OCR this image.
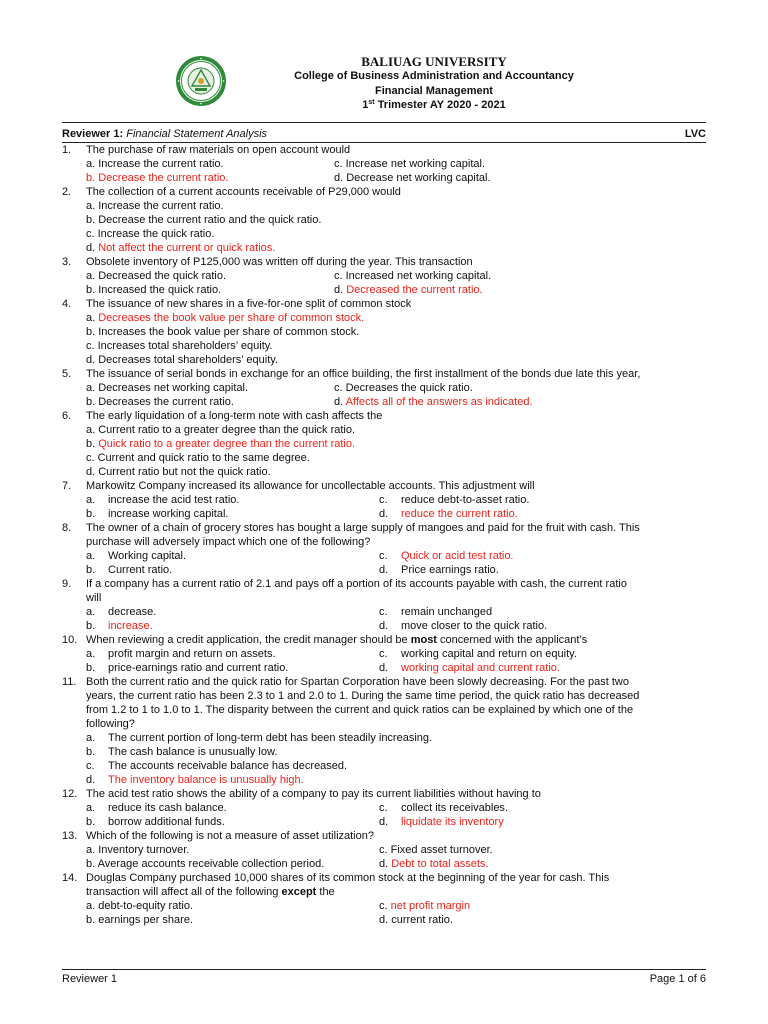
BALIUAG UNIVERSITY
College of Business Administration and Accountancy
Financial Management
1st Trimester AY 2020 - 2021
Reviewer 1: Financial Statement Analysis	LVC
1. The purchase of raw materials on open account would
a. Increase the current ratio.	c. Increase net working capital.
b. Decrease the current ratio.	d. Decrease net working capital.
2. The collection of a current accounts receivable of P29,000 would
a. Increase the current ratio.
b. Decrease the current ratio and the quick ratio.
c. Increase the quick ratio.
d. Not affect the current or quick ratios.
3. Obsolete inventory of P125,000 was written off during the year. This transaction
a. Decreased the quick ratio.	c. Increased net working capital.
b. Increased the quick ratio.	d. Decreased the current ratio.
4. The issuance of new shares in a five-for-one split of common stock
a. Decreases the book value per share of common stock.
b. Increases the book value per share of common stock.
c. Increases total shareholders’ equity.
d. Decreases total shareholders’ equity.
5. The issuance of serial bonds in exchange for an office building, the first installment of the bonds due late this year,
a. Decreases net working capital.	c. Decreases the quick ratio.
b. Decreases the current ratio.	d. Affects all of the answers as indicated.
6. The early liquidation of a long-term note with cash affects the
a. Current ratio to a greater degree than the quick ratio.
b. Quick ratio to a greater degree than the current ratio.
c. Current and quick ratio to the same degree.
d. Current ratio but not the quick ratio.
7. Markowitz Company increased its allowance for uncollectable accounts. This adjustment will
a. increase the acid test ratio.	c. reduce debt-to-asset ratio.
b. increase working capital.	d. reduce the current ratio.
8. The owner of a chain of grocery stores has bought a large supply of mangoes and paid for the fruit with cash. This
purchase will adversely impact which one of the following?
a. Working capital.	c. Quick or acid test ratio.
b. Current ratio.	d. Price earnings ratio.
9. If a company has a current ratio of 2.1 and pays off a portion of its accounts payable with cash, the current ratio
will
a. decrease.	c. remain unchanged
b. increase.	d. move closer to the quick ratio.
10. When reviewing a credit application, the credit manager should be most concerned with the applicant’s
a. profit margin and return on assets.	c. working capital and return on equity.
b. price-earnings ratio and current ratio.	d. working capital and current ratio.
11. Both the current ratio and the quick ratio for Spartan Corporation have been slowly decreasing. For the past two
years, the current ratio has been 2.3 to 1 and 2.0 to 1. During the same time period, the quick ratio has decreased
from 1.2 to 1 to 1.0 to 1. The disparity between the current and quick ratios can be explained by which one of the
following?
a. The current portion of long-term debt has been steadily increasing.
b. The cash balance is unusually low.
c. The accounts receivable balance has decreased.
d. The inventory balance is unusually high.
12. The acid test ratio shows the ability of a company to pay its current liabilities without having to
a. reduce its cash balance.	c. collect its receivables.
b. borrow additional funds.	d. liquidate its inventory
13. Which of the following is not a measure of asset utilization?
a. Inventory turnover.	c. Fixed asset turnover.
b. Average accounts receivable collection period.	d. Debt to total assets.
14. Douglas Company purchased 10,000 shares of its common stock at the beginning of the year for cash. This
transaction will affect all of the following except the
a. debt-to-equity ratio.	c. net profit margin
b. earnings per share.	d. current ratio.
Reviewer 1	Page 1 of 6
